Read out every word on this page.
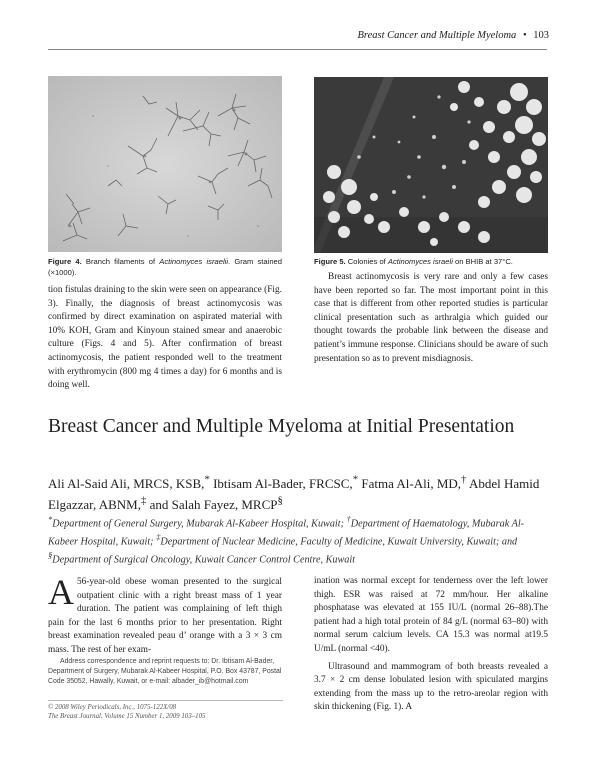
Breast Cancer and Multiple Myeloma • 103
Figure 4. Branch filaments of Actinomyces israelii. Gram stained (×1000).
Figure 5. Colonies of Actinomyces israeli on BHIB at 37°C.
tion fistulas draining to the skin were seen on appearance (Fig. 3). Finally, the diagnosis of breast actinomycosis was confirmed by direct examination on aspirated material with 10% KOH, Gram and Kinyoun stained smear and anaerobic culture (Figs. 4 and 5). After confirmation of breast actinomycosis, the patient responded well to the treatment with erythromycin (800 mg 4 times a day) for 6 months and is doing well.
Breast actinomycosis is very rare and only a few cases have been reported so far. The most important point in this case that is different from other reported studies is particular clinical presentation such as arthralgia which guided our thought towards the probable link between the disease and patient’s immune response. Clinicians should be aware of such presentation so as to prevent misdiagnosis.
Breast Cancer and Multiple Myeloma at Initial Presentation
Ali Al-Said Ali, MRCS, KSB,* Ibtisam Al-Bader, FRCSC,* Fatma Al-Ali, MD,† Abdel Hamid Elgazzar, ABNM,‡ and Salah Fayez, MRCP§
*Department of General Surgery, Mubarak Al-Kabeer Hospital, Kuwait; †Department of Haematology, Mubarak Al-Kabeer Hospital, Kuwait; ‡Department of Nuclear Medicine, Faculty of Medicine, Kuwait University, Kuwait; and §Department of Surgical Oncology, Kuwait Cancer Control Centre, Kuwait
A 56-year-old obese woman presented to the surgical outpatient clinic with a right breast mass of 1 year duration. The patient was complaining of left thigh pain for the last 6 months prior to her presentation. Right breast examination revealed peau d’ orange with a 3 × 3 cm mass. The rest of her exam-
Address correspondence and reprint requests to: Dr. Ibtisam Al-Bader, Department of Surgery, Mubarak Al-Kabeer Hospital, P.O. Box 43787, Postal Code 35052, Hawally, Kuwait, or e-mail: albader_ib@hotmail.com
© 2008 Wiley Periodicals, Inc., 1075-122X/08
The Breast Journal, Volume 15 Number 1, 2009 103–105
ination was normal except for tenderness over the left lower thigh. ESR was raised at 72 mm/hour. Her alkaline phosphatase was elevated at 155 IU/L (normal 26–88).The patient had a high total protein of 84 g/L (normal 63–80) with normal serum calcium levels. CA 15.3 was normal at19.5 U/mL (normal <40).
Ultrasound and mammogram of both breasts revealed a 3.7 × 2 cm dense lobulated lesion with spiculated margins extending from the mass up to the retro-areolar region with skin thickening (Fig. 1). A
